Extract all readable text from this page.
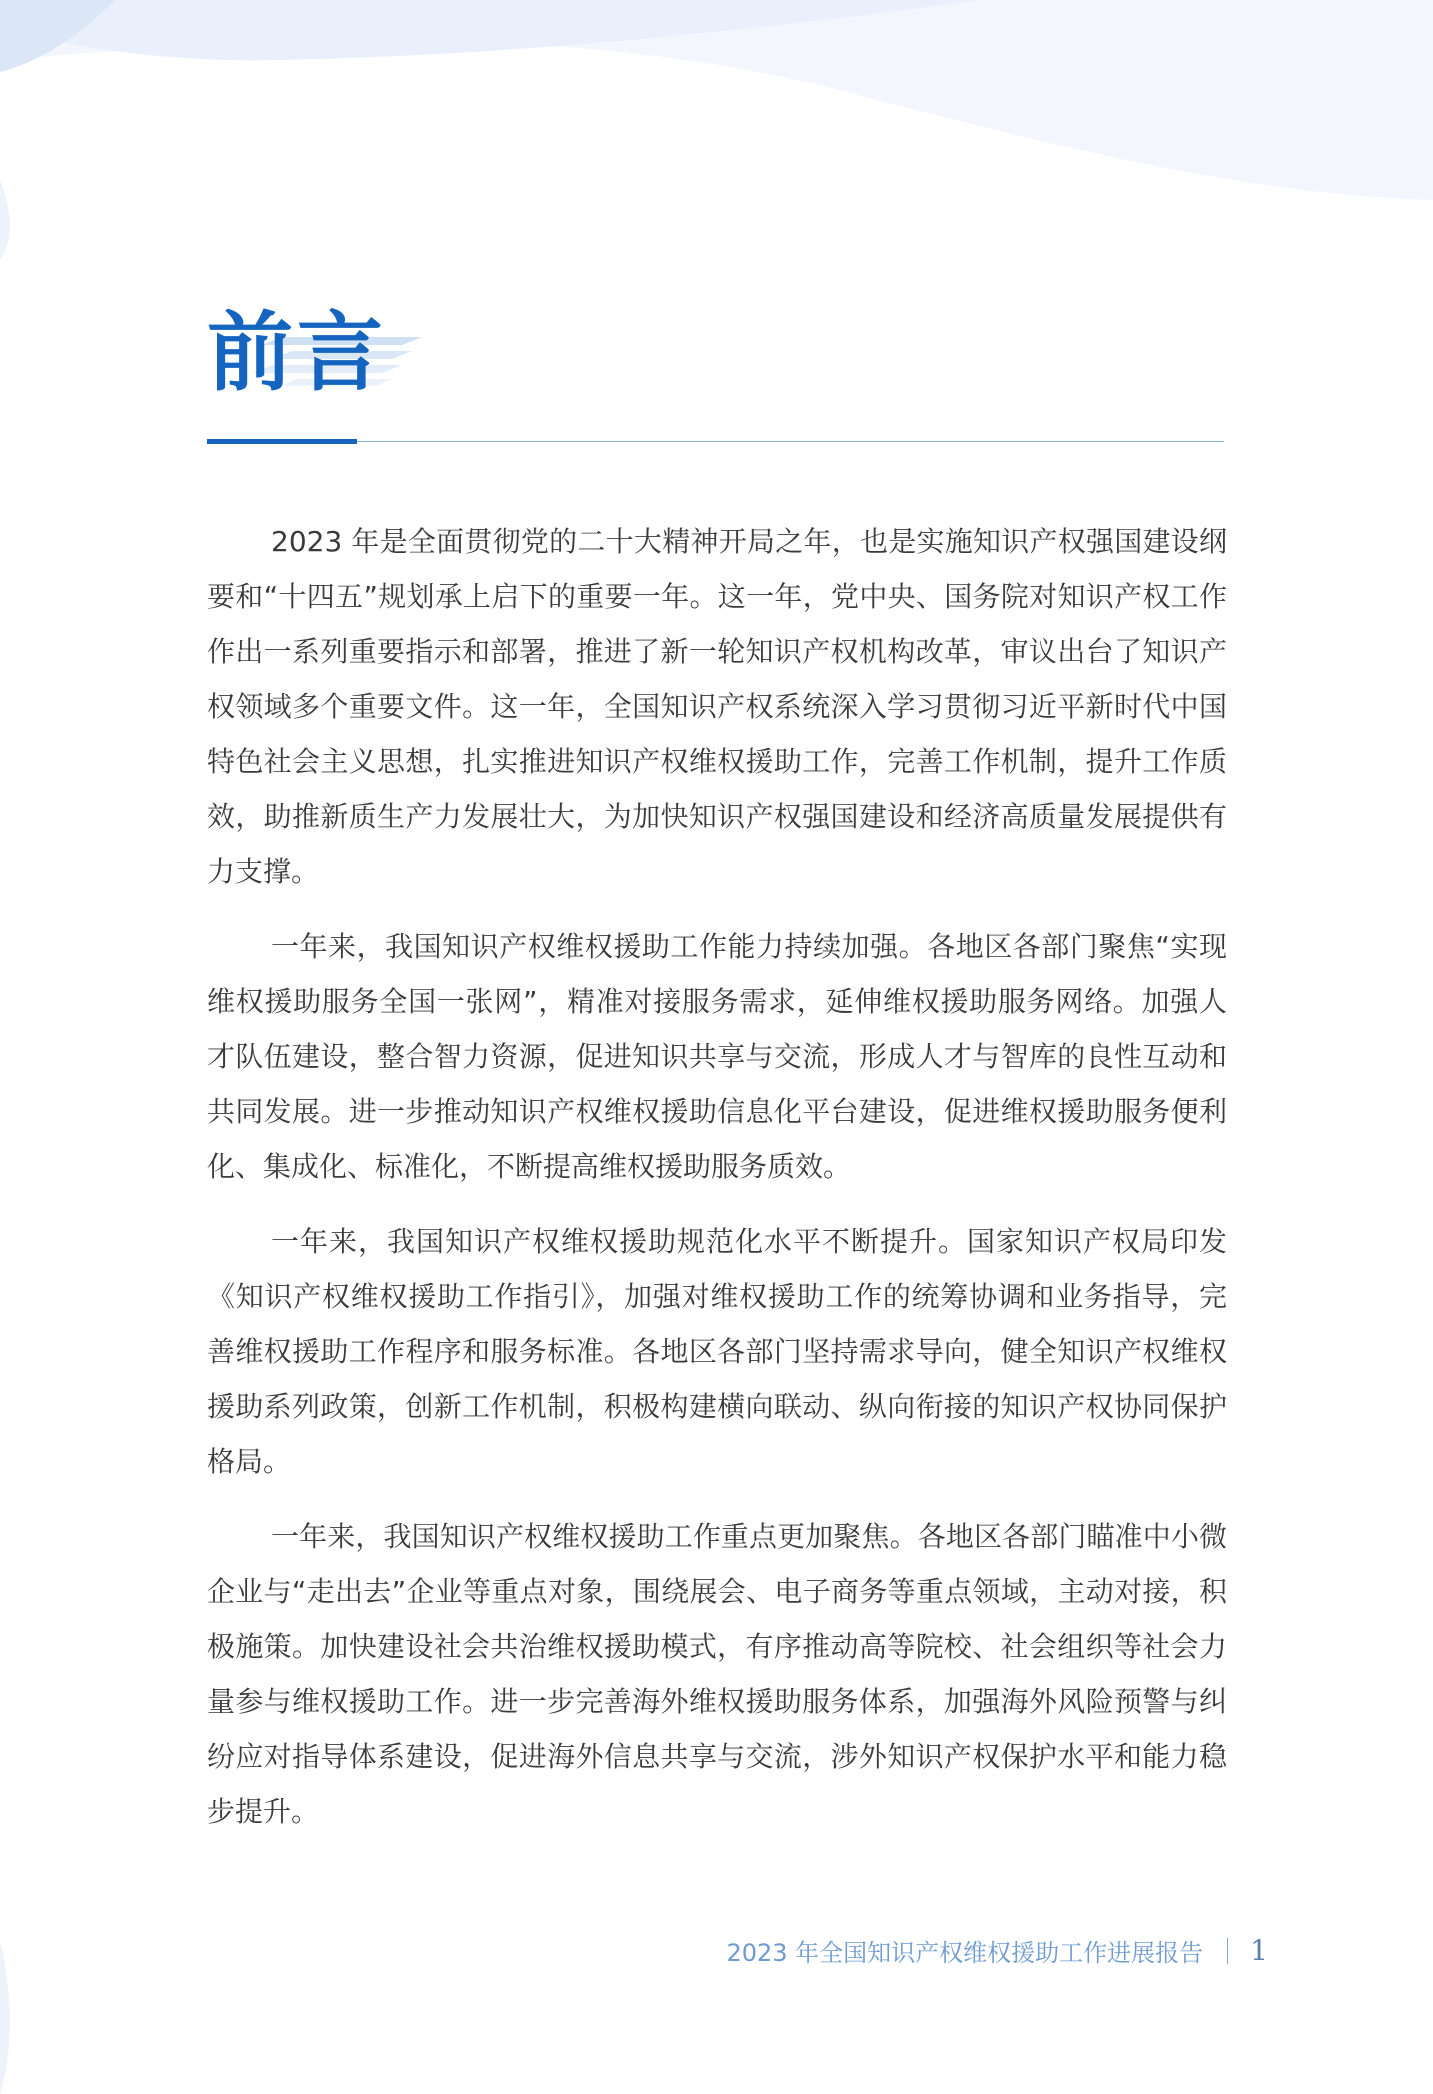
前言

2023 年是全面贯彻党的二十大精神开局之年，也是实施知识产权强国建设纲要和“十四五”规划承上启下的重要一年。这一年，党中央、国务院对知识产权工作作出一系列重要指示和部署，推进了新一轮知识产权机构改革，审议出台了知识产权领域多个重要文件。这一年，全国知识产权系统深入学习贯彻习近平新时代中国特色社会主义思想，扎实推进知识产权维权援助工作，完善工作机制，提升工作质效，助推新质生产力发展壮大，为加快知识产权强国建设和经济高质量发展提供有力支撑。

一年来，我国知识产权维权援助工作能力持续加强。各地区各部门聚焦“实现维权援助服务全国一张网”，精准对接服务需求，延伸维权援助服务网络。加强人才队伍建设，整合智力资源，促进知识共享与交流，形成人才与智库的良性互动和共同发展。进一步推动知识产权维权援助信息化平台建设，促进维权援助服务便利化、集成化、标准化，不断提高维权援助服务质效。

一年来，我国知识产权维权援助规范化水平不断提升。国家知识产权局印发《知识产权维权援助工作指引》，加强对维权援助工作的统筹协调和业务指导，完善维权援助工作程序和服务标准。各地区各部门坚持需求导向，健全知识产权维权援助系列政策，创新工作机制，积极构建横向联动、纵向衔接的知识产权协同保护格局。

一年来，我国知识产权维权援助工作重点更加聚焦。各地区各部门瞄准中小微企业与“走出去”企业等重点对象，围绕展会、电子商务等重点领域，主动对接，积极施策。加快建设社会共治维权援助模式，有序推动高等院校、社会组织等社会力量参与维权援助工作。进一步完善海外维权援助服务体系，加强海外风险预警与纠纷应对指导体系建设，促进海外信息共享与交流，涉外知识产权保护水平和能力稳步提升。

2023 年全国知识产权维权援助工作进展报告 1
